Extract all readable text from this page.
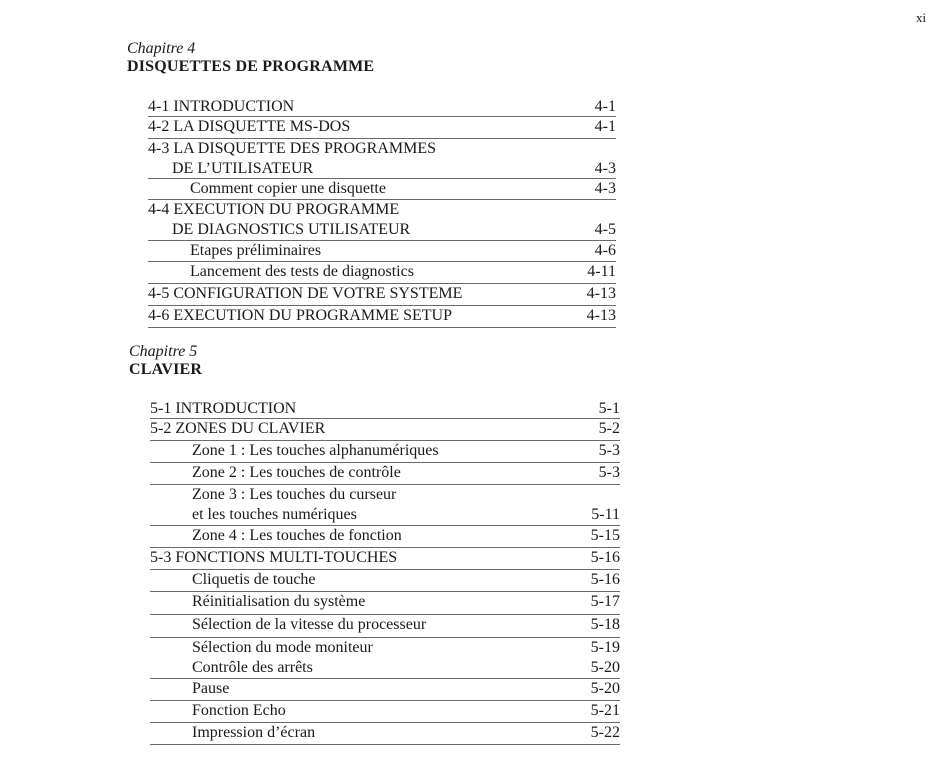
xi
Chapitre 4
DISQUETTES DE PROGRAMME
4-1 INTRODUCTION	4-1
4-2 LA DISQUETTE MS-DOS	4-1
4-3 LA DISQUETTE DES PROGRAMMES
DE L’UTILISATEUR	4-3
Comment copier une disquette	4-3
4-4 EXECUTION DU PROGRAMME
DE DIAGNOSTICS UTILISATEUR	4-5
Etapes préliminaires	4-6
Lancement des tests de diagnostics	4-11
4-5 CONFIGURATION DE VOTRE SYSTEME	4-13
4-6 EXECUTION DU PROGRAMME SETUP	4-13
Chapitre 5
CLAVIER
5-1 INTRODUCTION	5-1
5-2 ZONES DU CLAVIER	5-2
Zone 1 : Les touches alphanumériques	5-3
Zone 2 : Les touches de contrôle	5-3
Zone 3 : Les touches du curseur
et les touches numériques	5-11
Zone 4 : Les touches de fonction	5-15
5-3 FONCTIONS MULTI-TOUCHES	5-16
Cliquetis de touche	5-16
Réinitialisation du système	5-17
Sélection de la vitesse du processeur	5-18
Sélection du mode moniteur	5-19
Contrôle des arrêts	5-20
Pause	5-20
Fonction Echo	5-21
Impression d’écran	5-22
